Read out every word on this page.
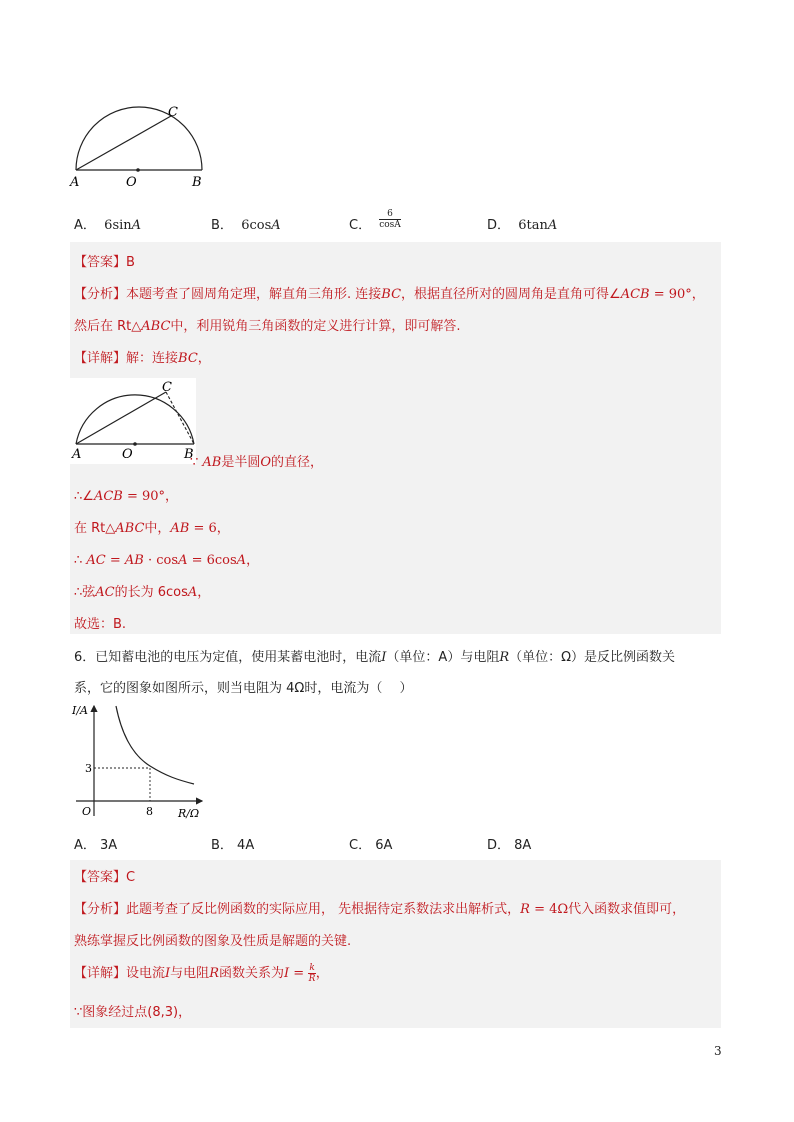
A	O	B
C
A． 6sinA	B． 6cosA	C． $\frac{6}{\cos A}$	D． 6tanA
【答案】B
【分析】本题考查了圆周角定理，解直角三角形. 连接BC，根据直径所对的圆周角是直角可得∠ACB = 90°，
然后在 Rt△ABC中，利用锐角三角函数的定义进行计算，即可解答.
【详解】解：连接BC，
A	O	B
C
∵ AB是半圆O的直径，
∴∠ACB = 90°，
在 Rt△ABC中，AB = 6，
∴ AC = AB · cosA = 6cosA，
∴弦AC的长为 6cosA，
故选：B.
6．已知蓄电池的电压为定值，使用某蓄电池时，电流I（单位：A）与电阻R（单位：Ω）是反比例函数关
系，它的图象如图所示，则当电阻为 4Ω时，电流为（　 ）
I/A
R/Ω
O	8
3
A． 3A	B． 4A	C． 6A	D． 8A
【答案】C
【分析】此题考查了反比例函数的实际应用， 先根据待定系数法求出解析式，R = 4Ω代入函数求值即可，
熟练掌握反比例函数的图象及性质是解题的关键.
【详解】设电流I与电阻R函数关系为$I = \frac{k}{R}$ ，
∵图象经过点(8,3)，
3
